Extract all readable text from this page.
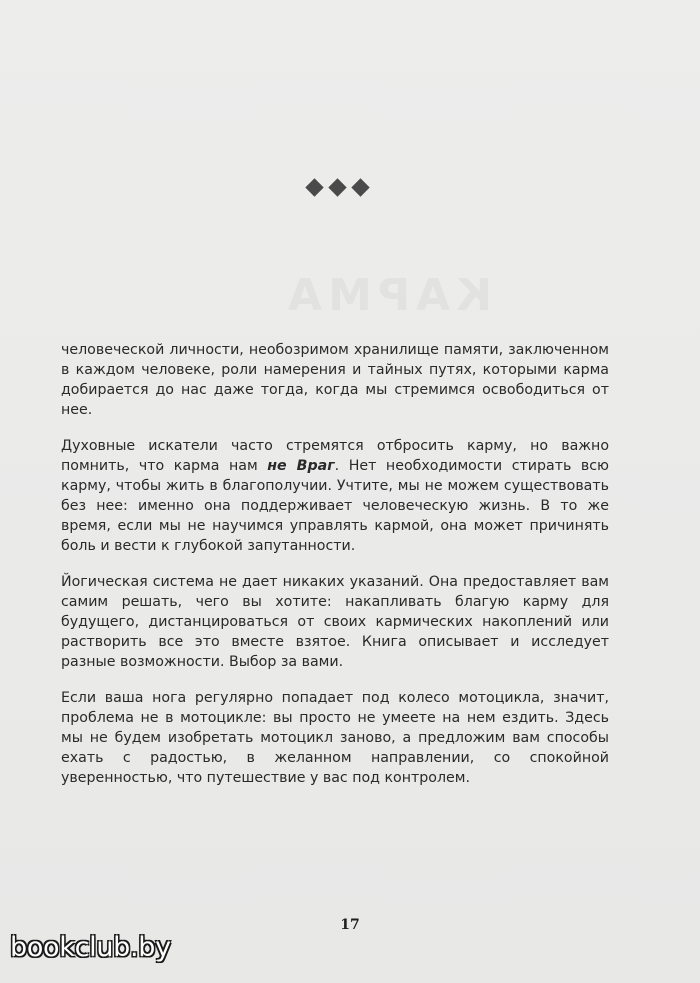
человеческой личности, необозримом хранилище памяти, заключенном в каждом человеке, роли намерения и тайных путях, которыми карма добирается до нас даже тогда, когда мы стремимся освободиться от нее.

Духовные искатели часто стремятся отбросить карму, но важно помнить, что карма нам не Враг. Нет необходимости стирать всю карму, чтобы жить в благополучии. Учтите, мы не можем существовать без нее: именно она поддерживает человеческую жизнь. В то же время, если мы не научимся управлять кармой, она может причинять боль и вести к глубокой запутанности.

Йогическая система не дает никаких указаний. Она предоставляет вам самим решать, чего вы хотите: накапливать благую карму для будущего, дистанцироваться от своих кармических накоплений или растворить все это вместе взятое. Книга описывает и исследует разные возможности. Выбор за вами.

Если ваша нога регулярно попадает под колесо мотоцикла, значит, проблема не в мотоцикле: вы просто не умеете на нем ездить. Здесь мы не будем изобретать мотоцикл заново, а предложим вам способы ехать с радостью, в желанном направлении, со спокойной уверенностью, что путешествие у вас под контролем.

17
bookclub.by
